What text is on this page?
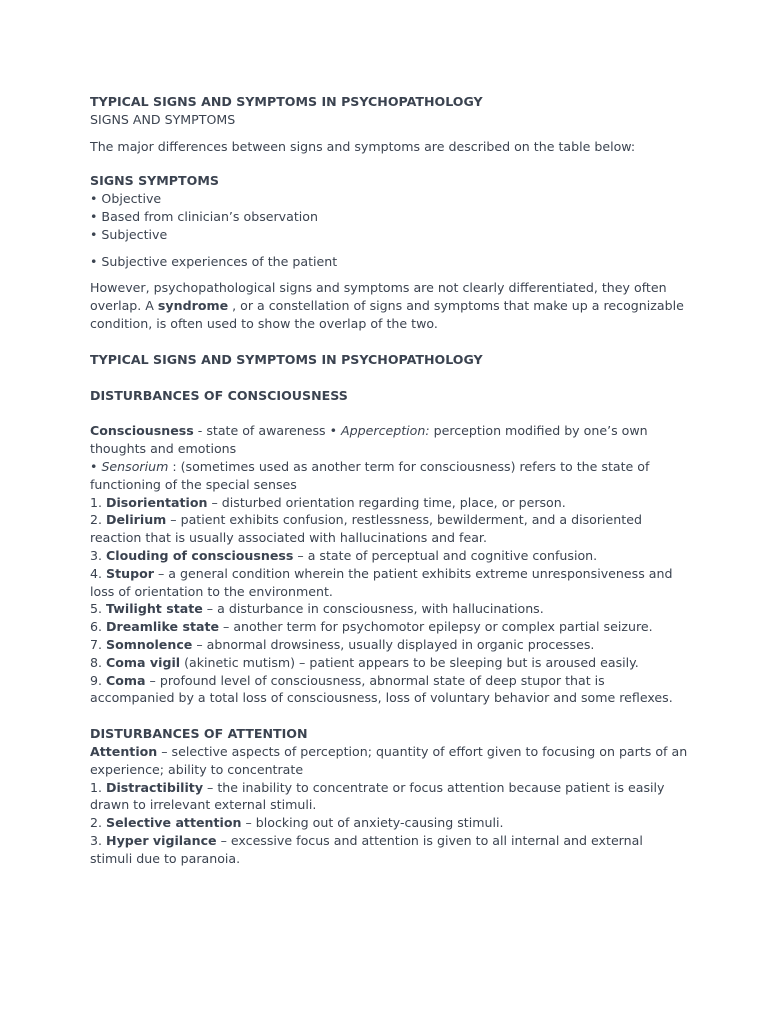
TYPICAL SIGNS AND SYMPTOMS IN PSYCHOPATHOLOGY
SIGNS AND SYMPTOMS
The major differences between signs and symptoms are described on the table below:
SIGNS SYMPTOMS
• Objective
• Based from clinician’s observation
• Subjective
• Subjective experiences of the patient

However, psychopathological signs and symptoms are not clearly differentiated, they often overlap. A syndrome , or a constellation of signs and symptoms that make up a recognizable condition, is often used to show the overlap of the two.

TYPICAL SIGNS AND SYMPTOMS IN PSYCHOPATHOLOGY
DISTURBANCES OF CONSCIOUSNESS

Consciousness - state of awareness • Apperception: perception modified by one’s own thoughts and emotions

• Sensorium : (sometimes used as another term for consciousness) refers to the state of functioning of the special senses

1. Disorientation – disturbed orientation regarding time, place, or person.

2. Delirium – patient exhibits confusion, restlessness, bewilderment, and a disoriented reaction that is usually associated with hallucinations and fear.

3. Clouding of consciousness – a state of perceptual and cognitive confusion.

4. Stupor – a general condition wherein the patient exhibits extreme unresponsiveness and loss of orientation to the environment.

5. Twilight state – a disturbance in consciousness, with hallucinations.

6. Dreamlike state – another term for psychomotor epilepsy or complex partial seizure.

7. Somnolence – abnormal drowsiness, usually displayed in organic processes.

8. Coma vigil (akinetic mutism) – patient appears to be sleeping but is aroused easily.

9. Coma – profound level of consciousness, abnormal state of deep stupor that is accompanied by a total loss of consciousness, loss of voluntary behavior and some reflexes.

DISTURBANCES OF ATTENTION

Attention – selective aspects of perception; quantity of effort given to focusing on parts of an experience; ability to concentrate

1. Distractibility – the inability to concentrate or focus attention because patient is easily drawn to irrelevant external stimuli.

2. Selective attention – blocking out of anxiety-causing stimuli.

3. Hyper vigilance – excessive focus and attention is given to all internal and external stimuli due to paranoia.
